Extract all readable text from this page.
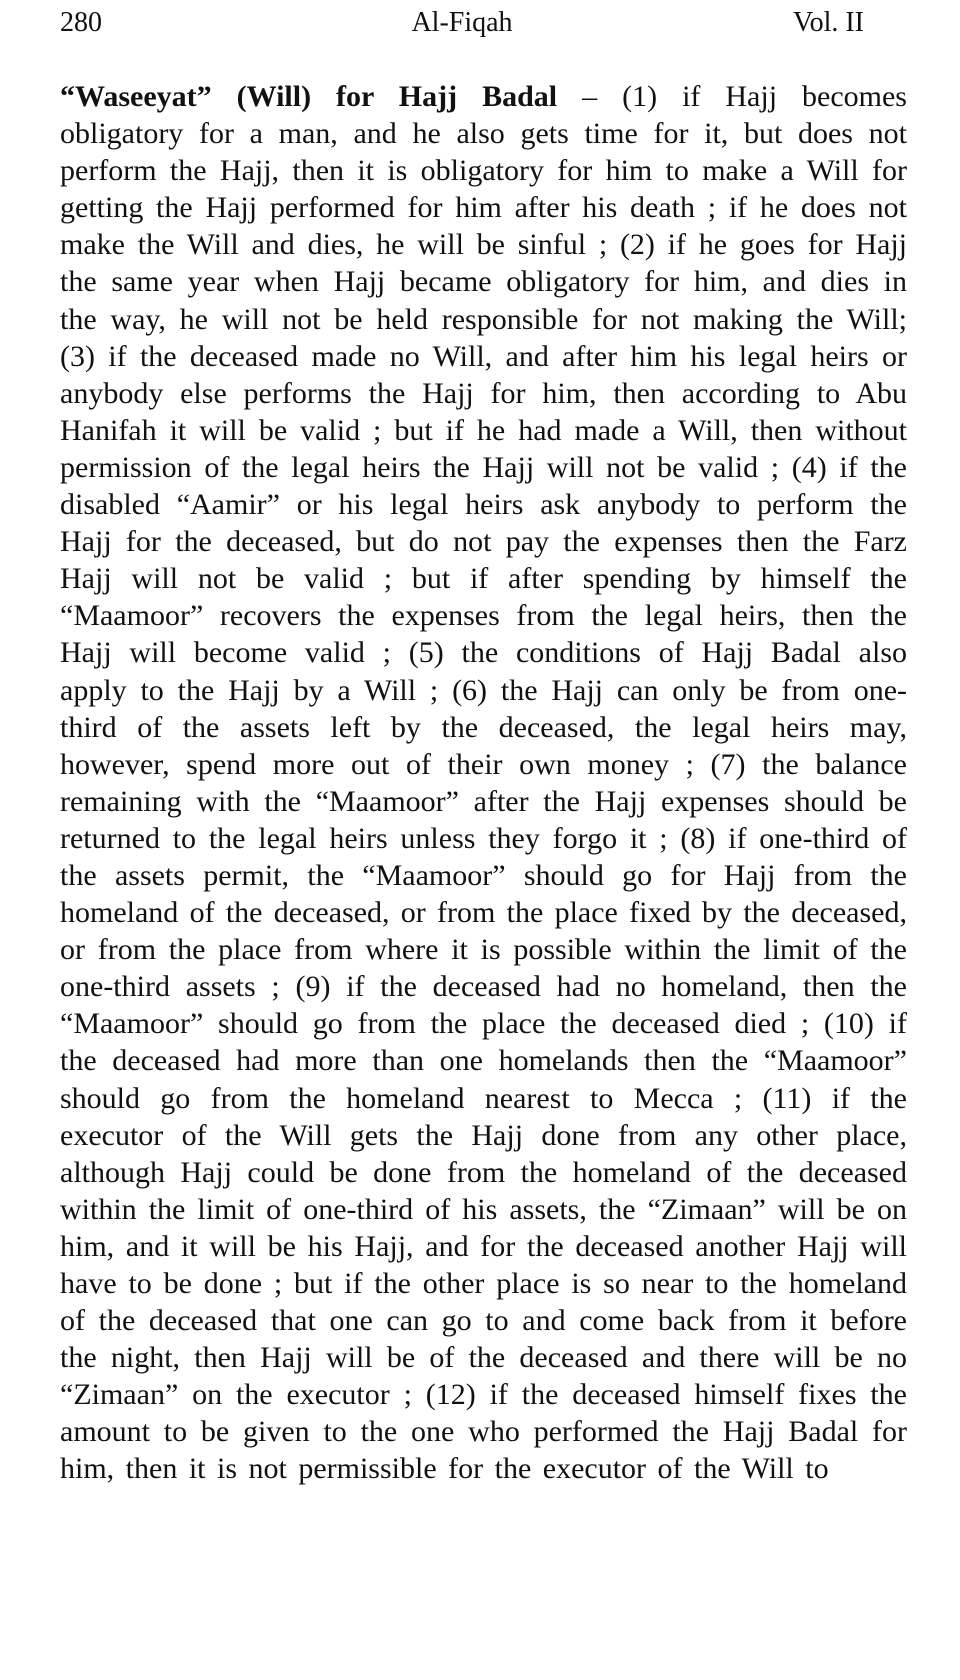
280	Al-Fiqah	Vol. II
“Waseeyat” (Will) for Hajj Badal – (1) if Hajj becomes
obligatory for a man, and he also gets time for it, but does not
perform the Hajj, then it is obligatory for him to make a Will for
getting the Hajj performed for him after his death ; if he does not
make the Will and dies, he will be sinful ; (2) if he goes for Hajj
the same year when Hajj became obligatory for him, and dies in
the way, he will not be held responsible for not making the Will;
(3) if the deceased made no Will, and after him his legal heirs or
anybody else performs the Hajj for him, then according to Abu
Hanifah it will be valid ; but if he had made a Will, then without
permission of the legal heirs the Hajj will not be valid ; (4) if the
disabled “Aamir” or his legal heirs ask anybody to perform the
Hajj for the deceased, but do not pay the expenses then the Farz
Hajj will not be valid ; but if after spending by himself the
“Maamoor” recovers the expenses from the legal heirs, then the
Hajj will become valid ; (5) the conditions of Hajj Badal also
apply to the Hajj by a Will ; (6) the Hajj can only be from one-
third of the assets left by the deceased, the legal heirs may,
however, spend more out of their own money ; (7) the balance
remaining with the “Maamoor” after the Hajj expenses should be
returned to the legal heirs unless they forgo it ; (8) if one-third of
the assets permit, the “Maamoor” should go for Hajj from the
homeland of the deceased, or from the place fixed by the deceased,
or from the place from where it is possible within the limit of the
one-third assets ; (9) if the deceased had no homeland, then the
“Maamoor” should go from the place the deceased died ; (10) if
the deceased had more than one homelands then the “Maamoor”
should go from the homeland nearest to Mecca ; (11) if the
executor of the Will gets the Hajj done from any other place,
although Hajj could be done from the homeland of the deceased
within the limit of one-third of his assets, the “Zimaan” will be on
him, and it will be his Hajj, and for the deceased another Hajj will
have to be done ; but if the other place is so near to the homeland
of the deceased that one can go to and come back from it before
the night, then Hajj will be of the deceased and there will be no
“Zimaan” on the executor ; (12) if the deceased himself fixes the
amount to be given to the one who performed the Hajj Badal for
him, then it is not permissible for the executor of the Will to
